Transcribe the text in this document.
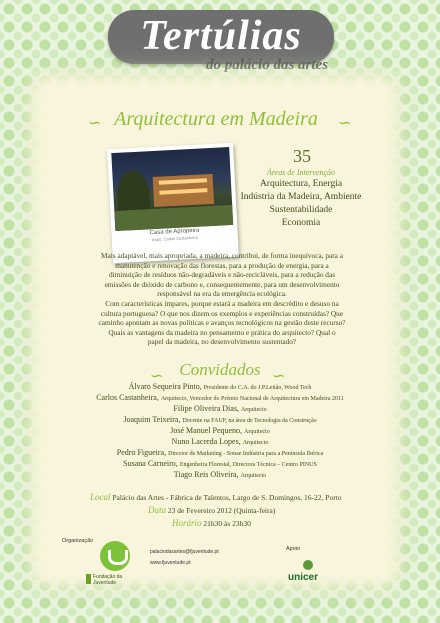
Tertúlias
do palácio das artes
∽ Arquitectura em Madeira	∽
Casa de Apropeira
Arqto. Carlos Castanheira
35
Áreas de Intervenção
Arquitectura, Energia
Indústria da Madeira, Ambiente
Sustentabilidade
Economia
Mais adaptável, mais apropriada, a madeira, contribui, de forma inequívoca, para a
manutenção e renovação das florestas, para a produção de energia, para a
diminuição de resíduos não-degradáveis e não-recicláveis, para a redução das
emissões de dióxido de carbono e, consequentemente, para um desenvolvimento
responsável na era da emergência ecológica.
Com características ímpares, porque estará a madeira em descrédito e desuso na
cultura portuguesa? O que nos dizem os exemplos e experiências construídas? Que
caminho apontam as novas políticas e avanços tecnológicos na gestão deste recurso?
Quais as vantagens da madeira no pensamento e prática do arquitecto? Qual o
papel da madeira, no desenvolvimento sustentado?
∽ Convidados ∽
Álvaro Sequeira Pinto, Presidente do C.A. do J.P.Leitão, Wood Tech
Carlos Castanheira, Arquitecto, Vencedor do Prémio Nacional de Arquitectura em Madeira 2011
Filipe Oliveira Dias, Arquitecto
Joaquim Teixeira, Docente na FAUP, na área de Tecnologia da Construção
José Manuel Pequeno, Arquitecto
Nuno Lacerda Lopes, Arquitecto
Pedro Figueira, Director de Marketing - Sonae Indústria para a Península Ibérica
Susana Carneiro, Engenheira Florestal, Directora Técnica – Centro PINUS
Tiago Reis Oliveira, Arquitecto
Local Palácio das Artes - Fábrica de Talentos, Largo de S. Domingos, 16-22, Porto
Data 23 de Fevereiro 2012 (Quinta-feira)
Horário 21h30 às 23h30
Organização
Fundação da Juventude
palaciodasartes@fjuventude.pt
www.fjuventude.pt
Apoio
unicer
